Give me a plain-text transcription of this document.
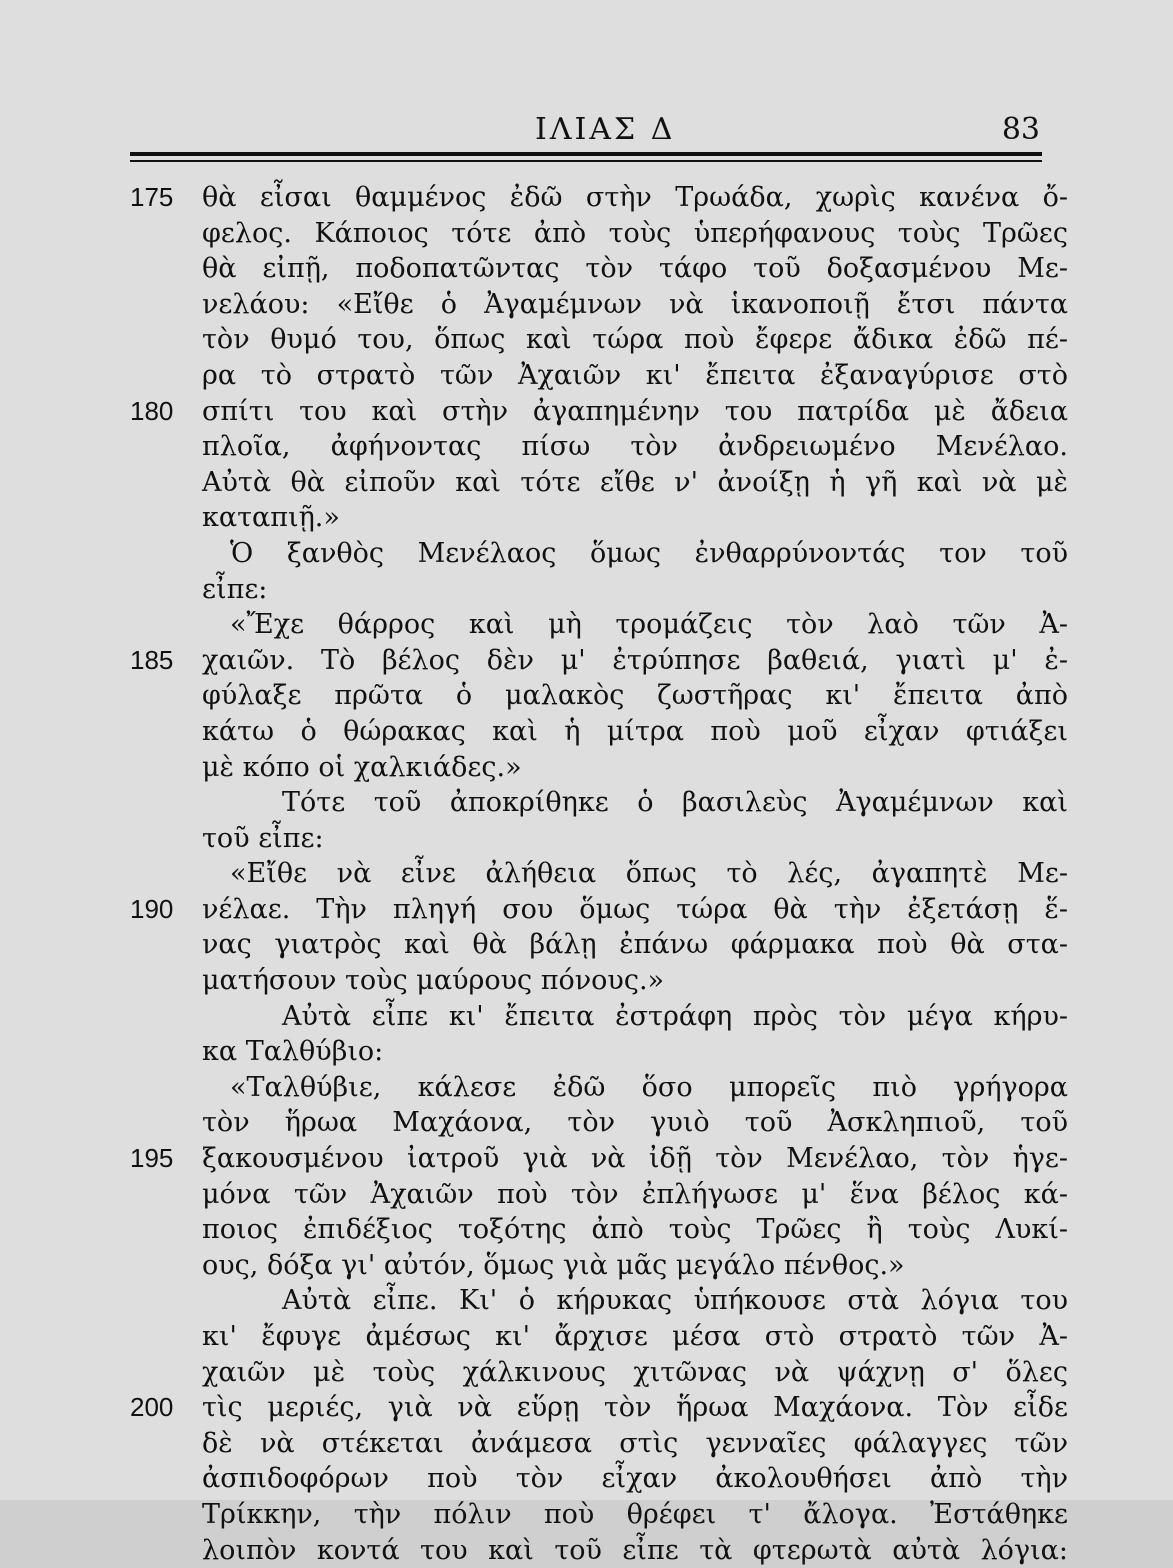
ΙΛΙΑΣ Δ	83
175	θὰ εἶσαι θαμμένος ἐδῶ στὴν Τρωάδα, χωρὶς κανένα ὄ-
φελος. Κάποιος τότε ἀπὸ τοὺς ὑπερήφανους τοὺς Τρῶες
θὰ εἰπῇ, ποδοπατῶντας τὸν τάφο τοῦ δοξασμένου Με-
νελάου: «Εἴθε ὁ Ἀγαμέμνων νὰ ἱκανοποιῇ ἔτσι πάντα
τὸν θυμό του, ὅπως καὶ τώρα ποὺ ἔφερε ἄδικα ἐδῶ πέ-
ρα τὸ στρατὸ τῶν Ἀχαιῶν κι' ἔπειτα ἐξαναγύρισε στὸ
180	σπίτι του καὶ στὴν ἀγαπημένην του πατρίδα μὲ ἄδεια
πλοῖα, ἀφήνοντας πίσω τὸν ἀνδρειωμένο Μενέλαο.
Αὐτὰ θὰ εἰποῦν καὶ τότε εἴθε ν' ἀνοίξῃ ἡ γῆ καὶ νὰ μὲ
καταπιῇ.»
Ὁ ξανθὸς Μενέλαος ὅμως ἐνθαρρύνοντάς τον τοῦ
εἶπε:
«Ἔχε θάρρος καὶ μὴ τρομάζεις τὸν λαὸ τῶν Ἀ-
185	χαιῶν. Τὸ βέλος δὲν μ' ἐτρύπησε βαθειά, γιατὶ μ' ἐ-
φύλαξε πρῶτα ὁ μαλακὸς ζωστῆρας κι' ἔπειτα ἀπὸ
κάτω ὁ θώρακας καὶ ἡ μίτρα ποὺ μοῦ εἶχαν φτιάξει
μὲ κόπο οἱ χαλκιάδες.»
Τότε τοῦ ἀποκρίθηκε ὁ βασιλεὺς Ἀγαμέμνων καὶ
τοῦ εἶπε:
«Εἴθε νὰ εἶνε ἀλήθεια ὅπως τὸ λές, ἀγαπητὲ Με-
190	νέλαε. Τὴν πληγή σου ὅμως τώρα θὰ τὴν ἐξετάσῃ ἕ-
νας γιατρὸς καὶ θὰ βάλῃ ἐπάνω φάρμακα ποὺ θὰ στα-
ματήσουν τοὺς μαύρους πόνους.»
Αὐτὰ εἶπε κι' ἔπειτα ἐστράφη πρὸς τὸν μέγα κήρυ-
κα Ταλθύβιο:
«Ταλθύβιε, κάλεσε ἐδῶ ὅσο μπορεῖς πιὸ γρήγορα
τὸν ἥρωα Μαχάονα, τὸν γυιὸ τοῦ Ἀσκληπιοῦ, τοῦ
195	ξακουσμένου ἰατροῦ γιὰ νὰ ἰδῇ τὸν Μενέλαο, τὸν ἡγε-
μόνα τῶν Ἀχαιῶν ποὺ τὸν ἐπλήγωσε μ' ἕνα βέλος κά-
ποιος ἐπιδέξιος τοξότης ἀπὸ τοὺς Τρῶες ἢ τοὺς Λυκί-
ους, δόξα γι' αὐτόν, ὅμως γιὰ μᾶς μεγάλο πένθος.»
Αὐτὰ εἶπε. Κι' ὁ κήρυκας ὑπήκουσε στὰ λόγια του
κι' ἔφυγε ἀμέσως κι' ἄρχισε μέσα στὸ στρατὸ τῶν Ἀ-
χαιῶν μὲ τοὺς χάλκινους χιτῶνας νὰ ψάχνῃ σ' ὅλες
200	τὶς μεριές, γιὰ νὰ εὕρῃ τὸν ἥρωα Μαχάονα. Τὸν εἶδε
δὲ νὰ στέκεται ἀνάμεσα στὶς γενναῖες φάλαγγες τῶν
ἀσπιδοφόρων ποὺ τὸν εἶχαν ἀκολουθήσει ἀπὸ τὴν
Τρίκκην, τὴν πόλιν ποὺ θρέφει τ' ἄλογα. Ἐστάθηκε
λοιπὸν κοντά του καὶ τοῦ εἶπε τὰ φτερωτὰ αὐτὰ λόγια:
